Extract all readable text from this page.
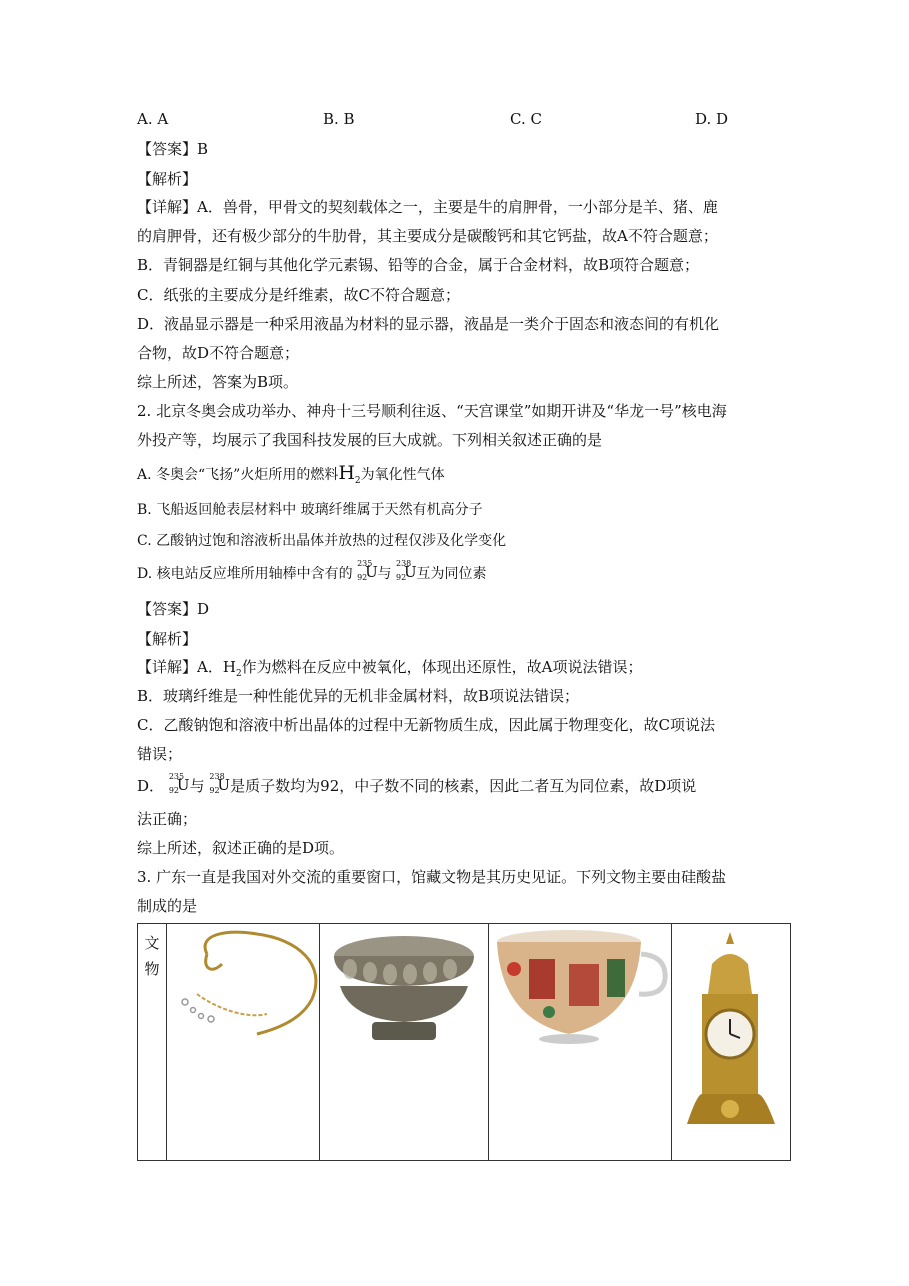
A. A	B. B	C. C	D. D
【答案】B
【解析】
【详解】A．兽骨，甲骨文的契刻载体之一，主要是牛的肩胛骨，一小部分是羊、猪、鹿
的肩胛骨，还有极少部分的牛肋骨，其主要成分是碳酸钙和其它钙盐，故A不符合题意；
B．青铜器是红铜与其他化学元素锡、铅等的合金，属于合金材料，故B项符合题意；
C．纸张的主要成分是纤维素，故C不符合题意；
D．液晶显示器是一种采用液晶为材料的显示器，液晶是一类介于固态和液态间的有机化
合物，故D不符合题意；
综上所述，答案为B项。
2. 北京冬奥会成功举办、神舟十三号顺利往返、“天宫课堂”如期开讲及“华龙一号”核电海
外投产等，均展示了我国科技发展的巨大成就。下列相关叙述正确的是
A. 冬奥会“飞扬”火炬所用的燃料$H_2$为氧化性气体
B. 飞船返回舱表层材料中 玻璃纤维属于天然有机高分子
C. 乙酸钠过饱和溶液析出晶体并放热的过程仅涉及化学变化
D. 核电站反应堆所用轴棒中含有的
235
92
U 与
238
92
U 互为同位素
【答案】D
【解析】
【详解】A．$H_2$作为燃料在反应中被氧化，体现出还原性，故A项说法错误；
B．玻璃纤维是一种性能优异的无机非金属材料，故B项说法错误；
C．乙酸钠饱和溶液中析出晶体的过程中无新物质生成，因此属于物理变化，故C项说法
错误；
D．
235
92
U 与
238
92
U 是质子数均为92，中子数不同的核素，因此二者互为同位素，故D项说
法正确；
综上所述，叙述正确的是D项。
3. 广东一直是我国对外交流的重要窗口，馆藏文物是其历史见证。下列文物主要由硅酸盐
制成的是
文
物
